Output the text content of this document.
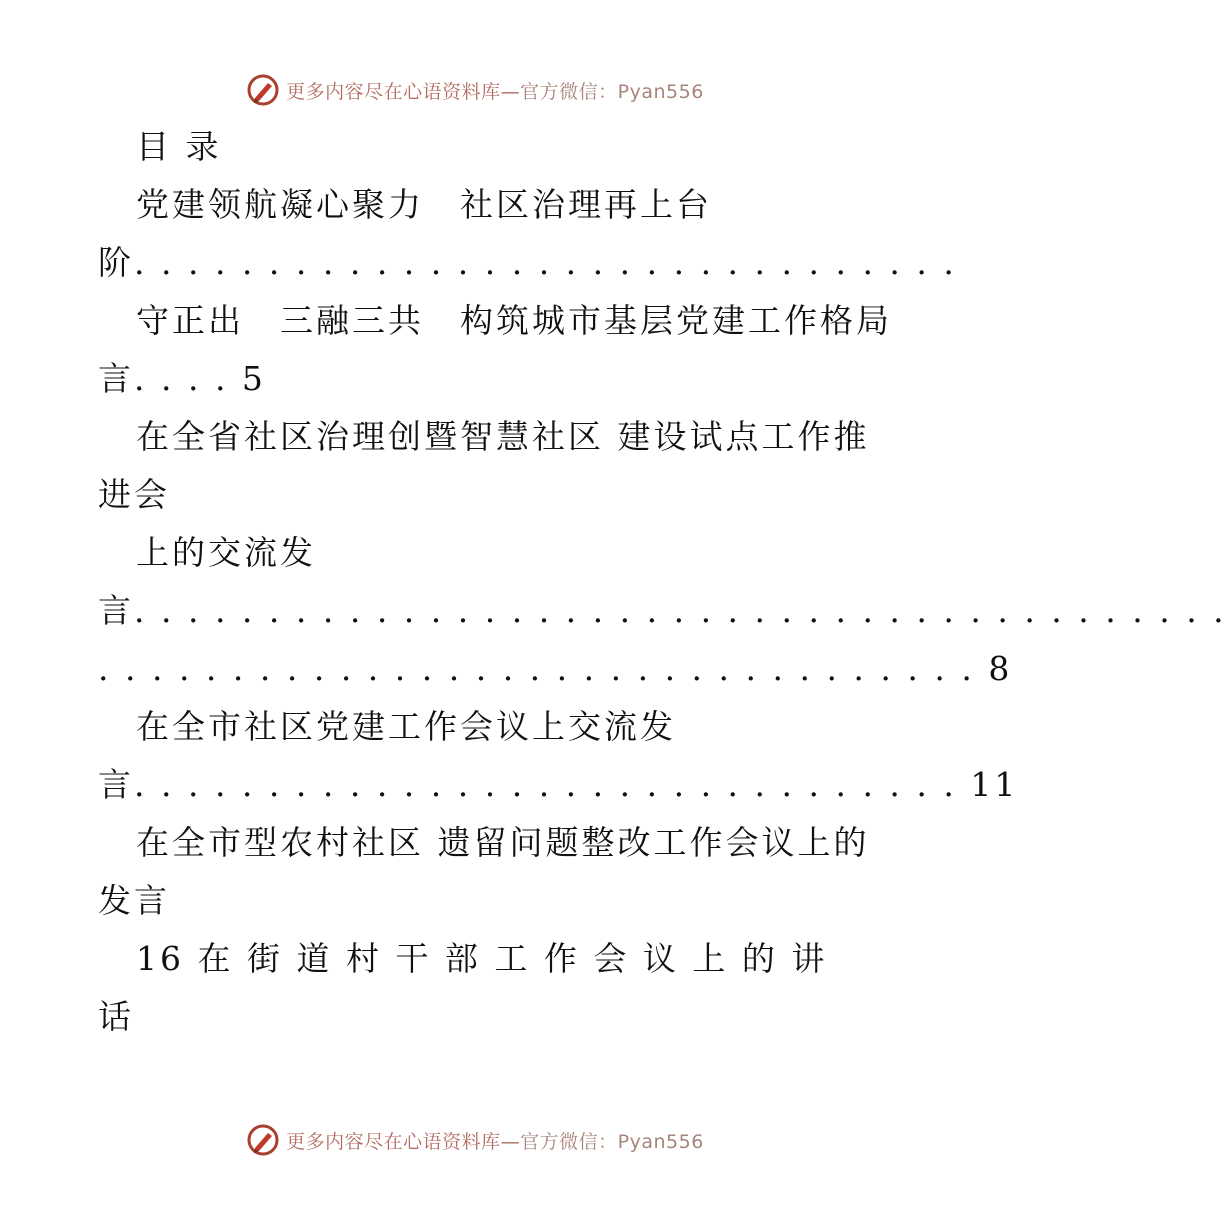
更多内容尽在心语资料库—官方微信：Pyan556
目 录
党建领航凝心聚力　社区治理再上台
阶. . . . . . . . . . . . . . . . . . . . . . . . . . . . . . .
守正出　三融三共　构筑城市基层党建工作格局
言. . . . 5
在全省社区治理创暨智慧社区 建设试点工作推
进会
上的交流发
言. . . . . . . . . . . . . . . . . . . . . . . . . . . . . . . . . . . . . . . . .
. . . . . . . . . . . . . . . . . . . . . . . . . . . . . . . . . 8
在全市社区党建工作会议上交流发
言. . . . . . . . . . . . . . . . . . . . . . . . . . . . . . . 11
在全市型农村社区 遗留问题整改工作会议上的
发言
16 在 街 道 村 干 部 工 作 会 议 上 的 讲
话
更多内容尽在心语资料库—官方微信：Pyan556
